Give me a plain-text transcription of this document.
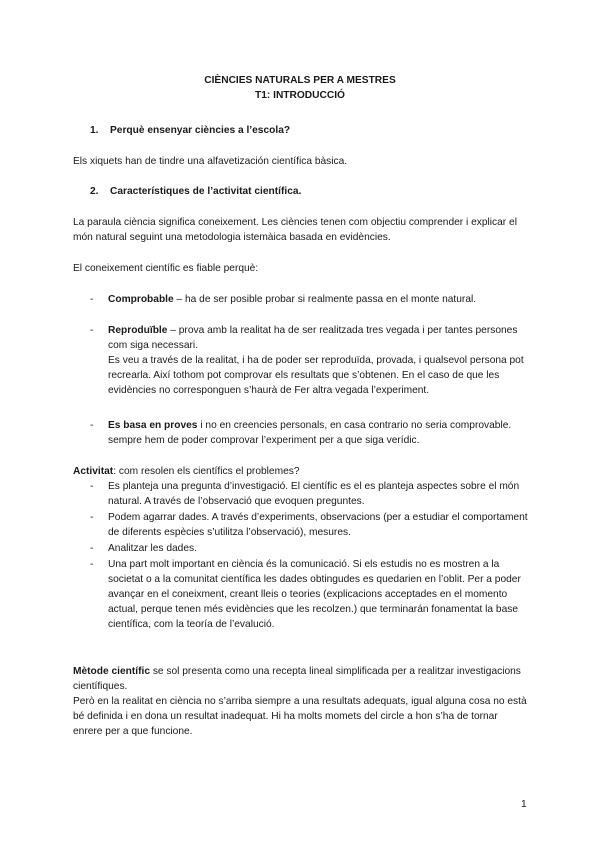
CIÈNCIES NATURALS PER A MESTRES
T1: INTRODUCCIÓ
1. Perquè ensenyar ciències a l’escola?
Els xiquets han de tindre una alfavetización científica bàsica.
2. Característiques de l’activitat científica.
La paraula ciència significa coneixement. Les ciències tenen com objectiu comprender i explicar el
món natural seguint una metodologia istemàica basada en evidències.
El coneixement científic es fiable perquè:
- Comprobable – ha de ser posible probar si realmente passa en el monte natural.
- Reproduïble – prova amb la realitat ha de ser realitzada tres vegada i per tantes persones
com siga necessari.
Es veu a través de la realitat, i ha de poder ser reproduïda, provada, i qualsevol persona pot
recrearla. Així tothom pot comprovar els resultats que s’obtenen. En el caso de que les
evidències no corresponguen s’haurà de Fer altra vegada l’experiment.
- Es basa en proves i no en creencies personals, en casa contrario no seria comprovable.
sempre hem de poder comprovar l’experiment per a que siga verídic.
Activitat: com resolen els científics el problemes?
- Es planteja una pregunta d’investigació. El científic es el es planteja aspectes sobre el món
natural. A través de l’observació que evoquen preguntes.
- Podem agarrar dades. A través d’experiments, observacions (per a estudiar el comportament
de diferents espècies s’utilitza l’observació), mesures.
- Analitzar les dades.
- Una part molt important en ciència és la comunicació. Si els estudis no es mostren a la
societat o a la comunitat científica les dades obtingudes es quedarien en l’oblit. Per a poder
avançar en el coneixment, creant lleis o teories (explicacions acceptades en el momento
actual, perque tenen més evidències que les recolzen.) que terminarán fonamentat la base
científica, com la teoría de l’evalució.
Mètode científic se sol presenta como una recepta lineal simplificada per a realitzar investigacions
científiques.
Però en la realitat en ciència no s’arriba siempre a una resultats adequats, igual alguna cosa no està
bé definida i en dona un resultat inadequat. Hi ha molts momets del circle a hon s’ha de tornar
enrere per a que funcione.
1
